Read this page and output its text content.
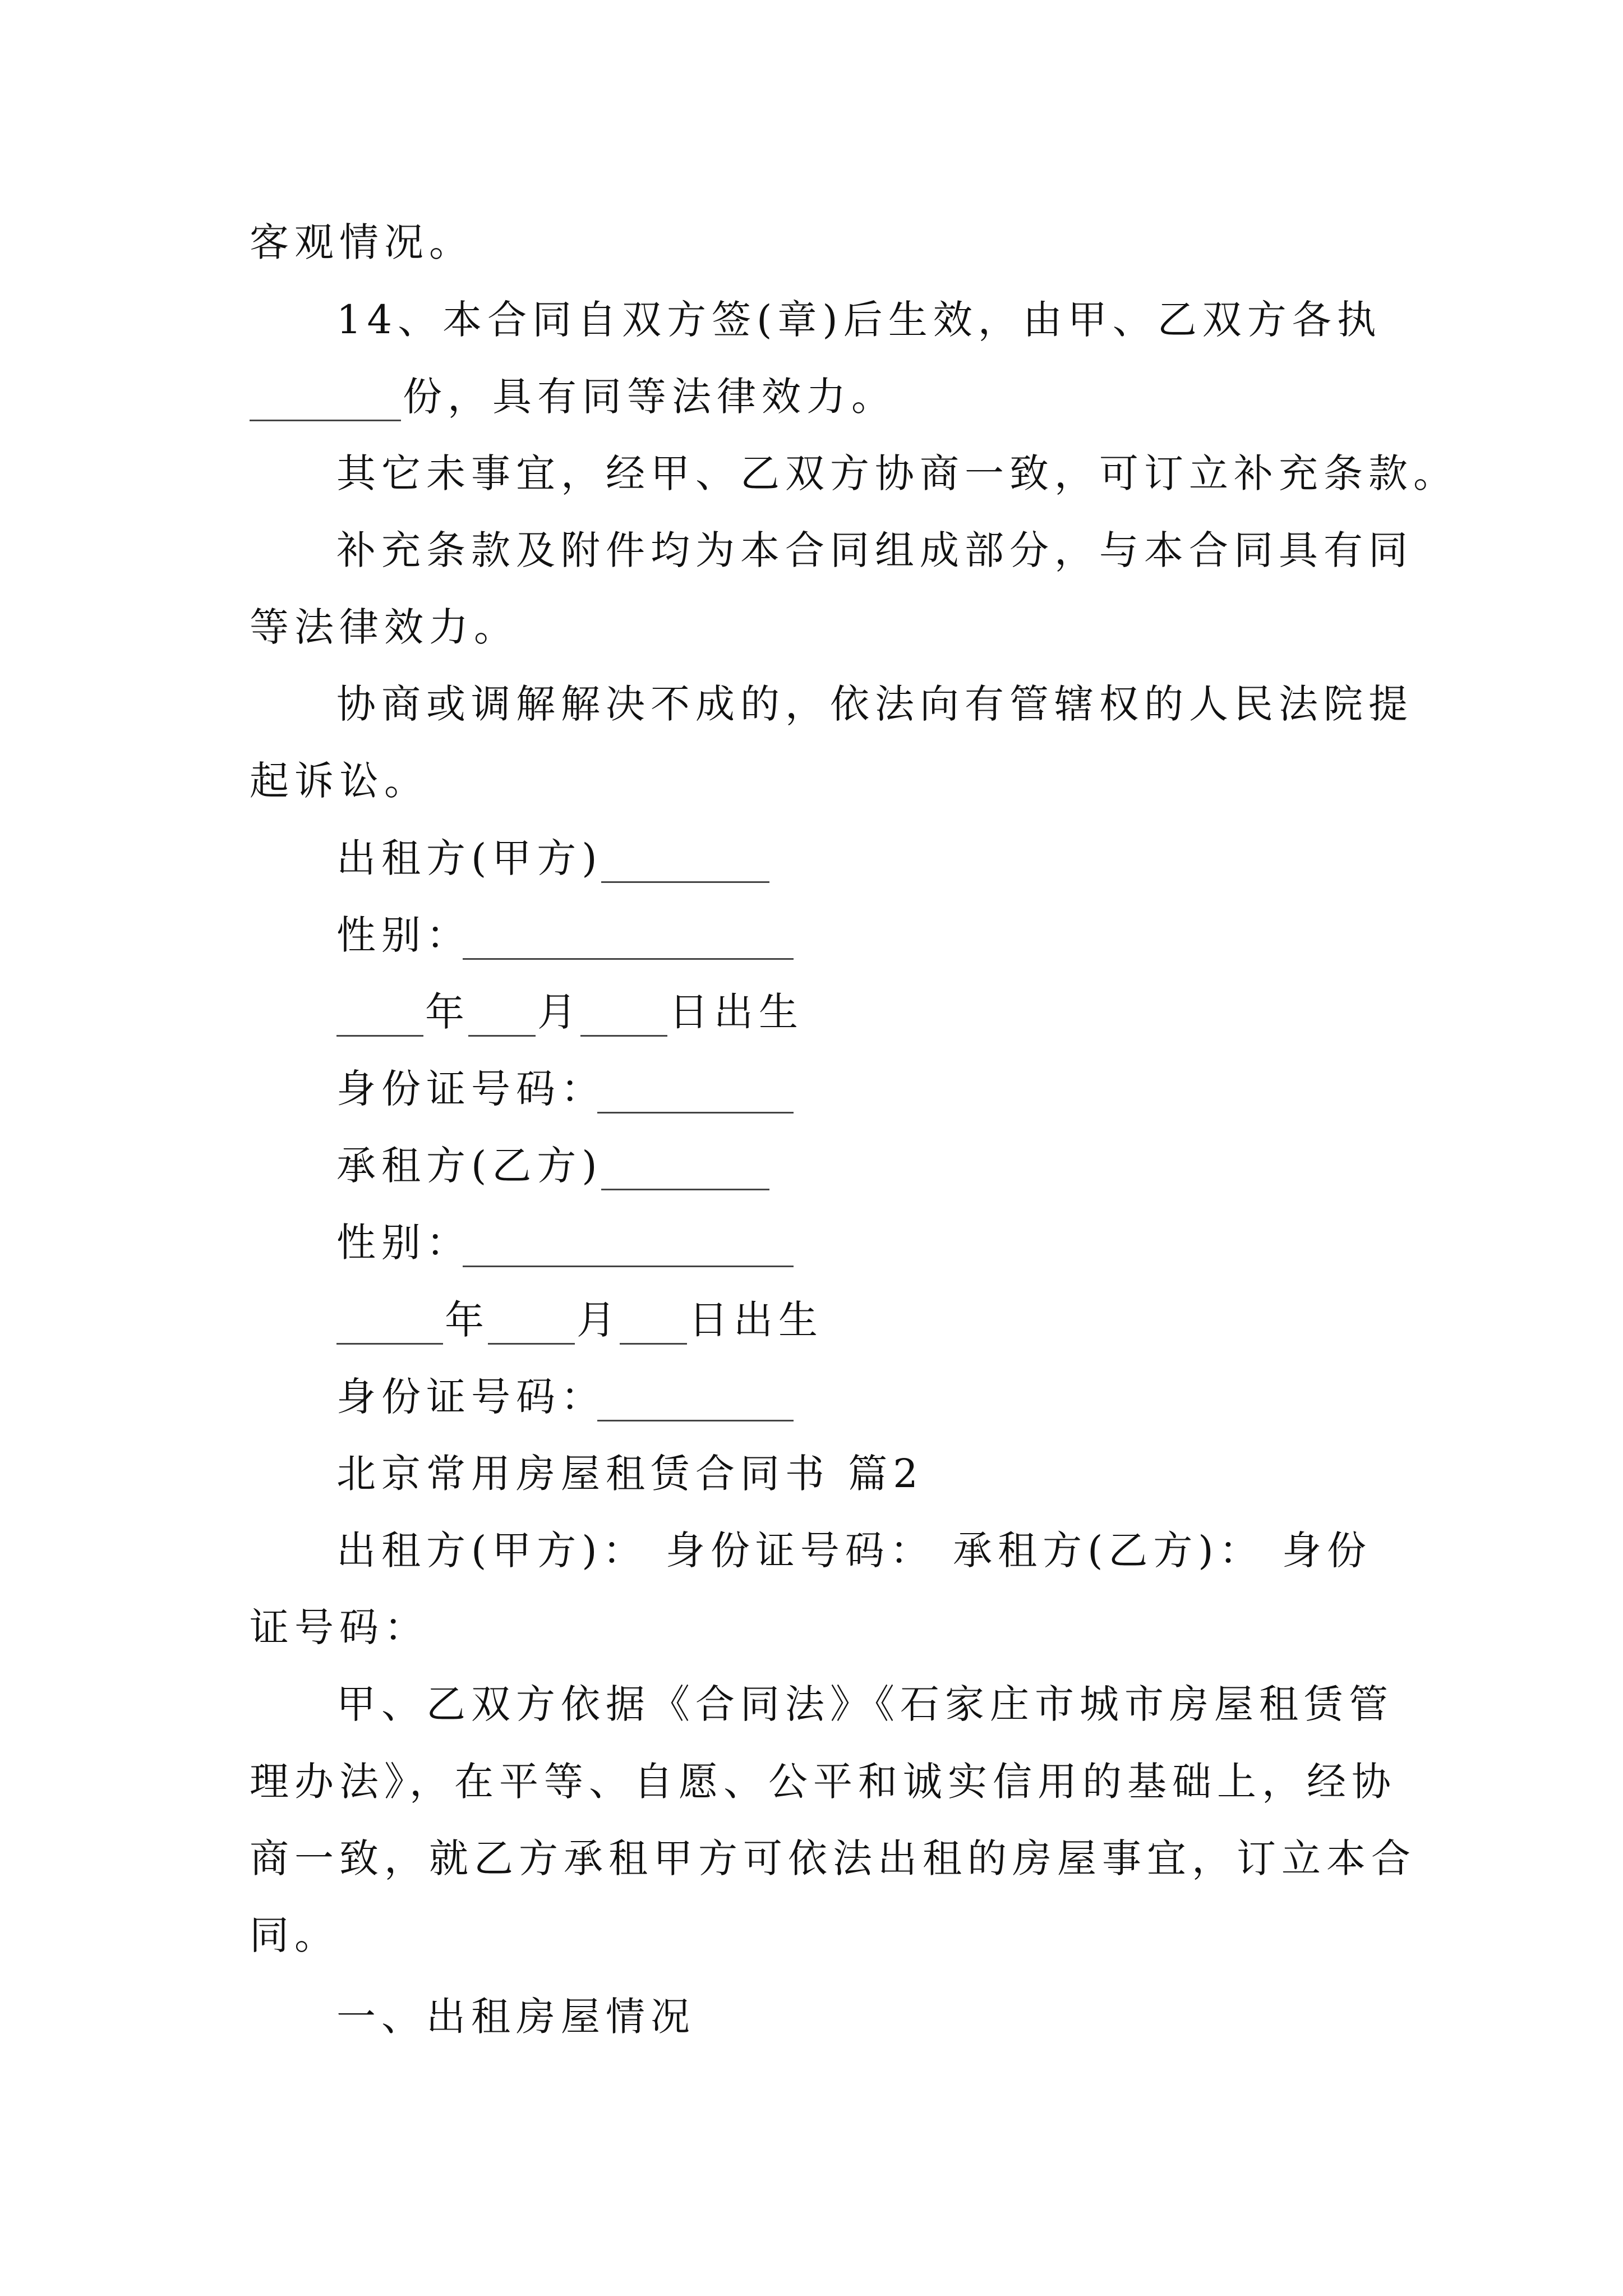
客观情况。
14、本合同自双方签(章)后生效，由甲、乙双方各执
份，具有同等法律效力。
其它未事宜，经甲、乙双方协商一致，可订立补充条款。
补充条款及附件均为本合同组成部分，与本合同具有同
等法律效力。
协商或调解解决不成的，依法向有管辖权的人民法院提
起诉讼。
出租方(甲方)
性别：
年 月 日出生
身份证号码：
承租方(乙方)
性别：
年 月 日出生
身份证号码：
北京常用房屋租赁合同书 篇2
出租方(甲方)： 身份证号码： 承租方(乙方)： 身份
证号码：
甲、乙双方依据《合同法》《石家庄市城市房屋租赁管
理办法》，在平等、自愿、公平和诚实信用的基础上，经协
商一致，就乙方承租甲方可依法出租的房屋事宜，订立本合
同。
一、出租房屋情况
